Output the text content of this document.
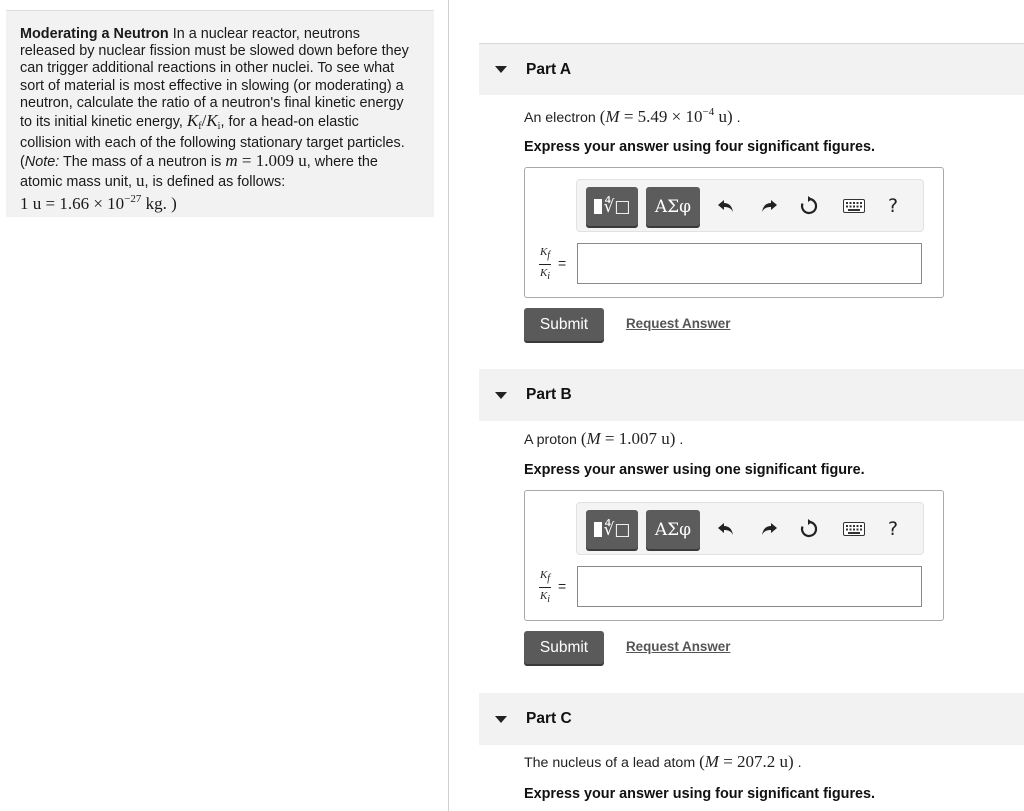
Moderating a Neutron In a nuclear reactor, neutrons
released by nuclear fission must be slowed down before they
can trigger additional reactions in other nuclei. To see what
sort of material is most effective in slowing (or moderating) a
neutron, calculate the ratio of a neutron's final kinetic energy
to its initial kinetic energy, $K_f/K_i$, for a head-on elastic
collision with each of the following stationary target particles.
(Note: The mass of a neutron is m = 1.009 u, where the
atomic mass unit, u, is defined as follows:
1 $u = 1.66 \times 10^{-27}$ kg. )

Part A
An electron ($M = 5.49 \times 10^{-4}$ u) .
Express your answer using four significant figures.
∜□	ΑΣφ	?
$K_f$
$K_i$
=
Submit	Request Answer
Part B
A proton (M = 1.007 u) .
Express your answer using one significant figure.
∜□	ΑΣφ	?
$K_f$
$K_i$
=
Submit	Request Answer
Part C
The nucleus of a lead atom (M = 207.2 u) .
Express your answer using four significant figures.
